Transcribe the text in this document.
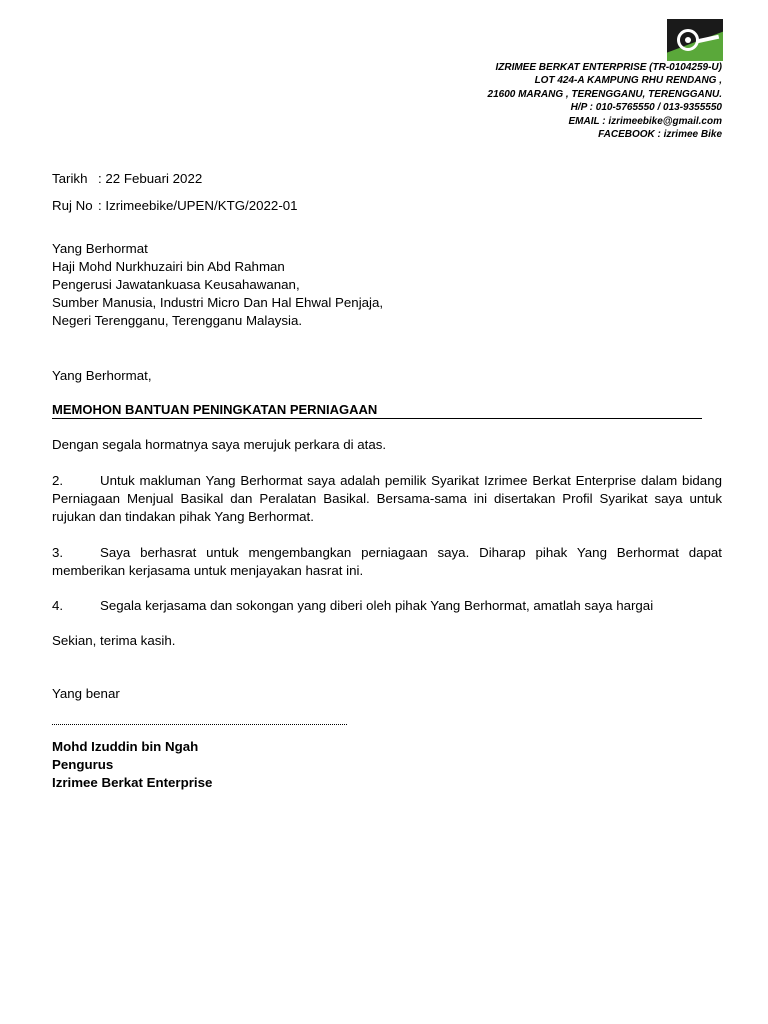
IZRIMEE BERKAT ENTERPRISE (TR-0104259-U)
LOT 424-A KAMPUNG RHU RENDANG ,
21600 MARANG , TERENGGANU, TERENGGANU.
H/P : 010-5765550 / 013-9355550
EMAIL : izrimeebike@gmail.com
FACEBOOK : izrimee Bike
Tarikh : 22 Febuari 2022
Ruj No : Izrimeebike/UPEN/KTG/2022-01
Yang Berhormat
Haji Mohd Nurkhuzairi bin Abd Rahman
Pengerusi Jawatankuasa Keusahawanan,
Sumber Manusia, Industri Micro Dan Hal Ehwal Penjaja,
Negeri Terengganu, Terengganu Malaysia.
Yang Berhormat,
MEMOHON BANTUAN PENINGKATAN PERNIAGAAN
Dengan segala hormatnya saya merujuk perkara di atas.
2.	Untuk makluman Yang Berhormat saya adalah pemilik Syarikat Izrimee Berkat Enterprise dalam bidang Perniagaan Menjual Basikal dan Peralatan Basikal. Bersama-sama ini disertakan Profil Syarikat saya untuk rujukan dan tindakan pihak Yang Berhormat.
3.	Saya berhasrat untuk mengembangkan perniagaan saya. Diharap pihak Yang Berhormat dapat memberikan kerjasama untuk menjayakan hasrat ini.
4.	Segala kerjasama dan sokongan yang diberi oleh pihak Yang Berhormat, amatlah saya hargai
Sekian, terima kasih.
Yang benar
Mohd Izuddin bin Ngah
Pengurus
Izrimee Berkat Enterprise
